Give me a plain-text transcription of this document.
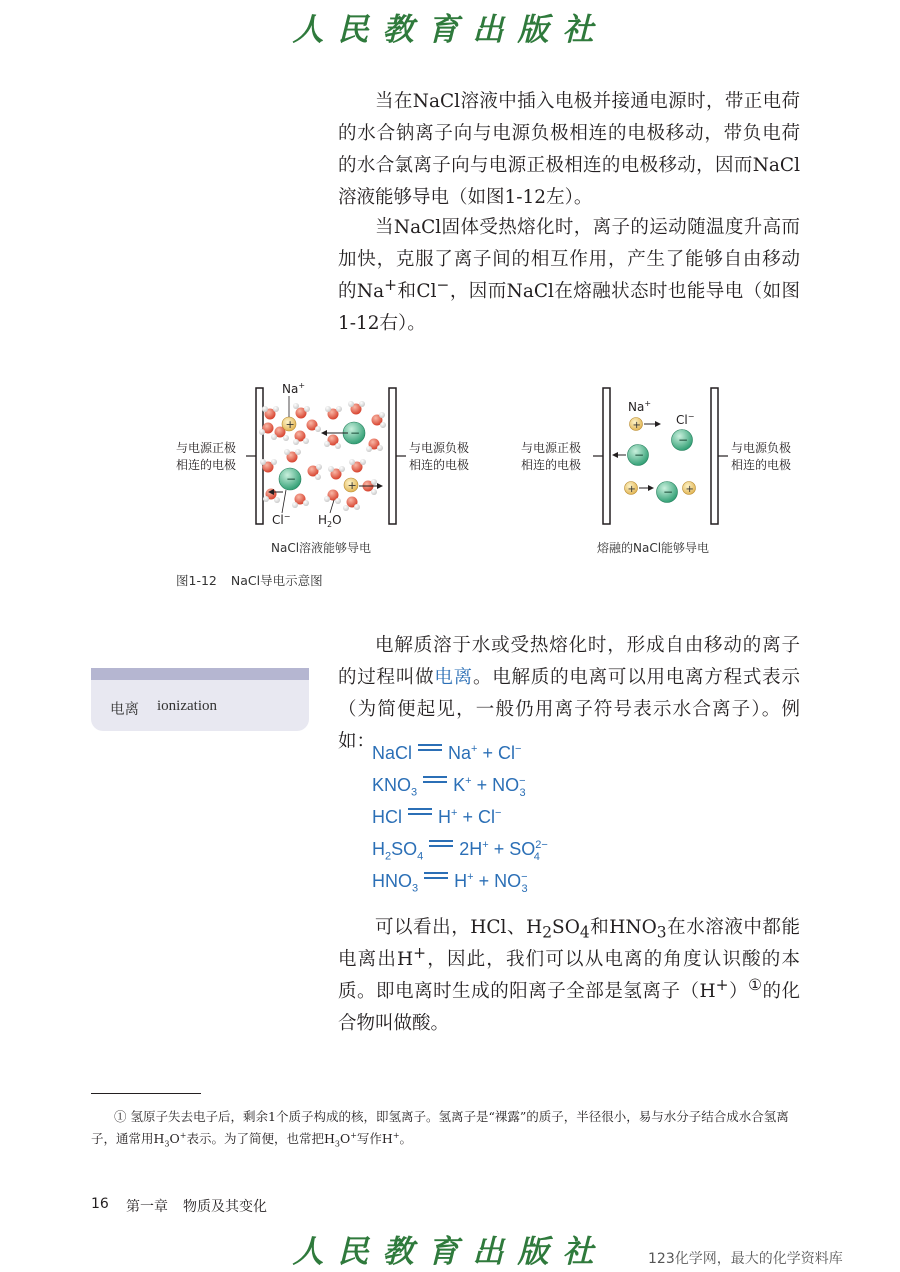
人民教育出版社

当在NaCl溶液中插入电极并接通电源时，带正电荷的水合钠离子向与电源负极相连的电极移动，带负电荷的水合氯离子向与电源正极相连的电极移动，因而NaCl溶液能够导电（如图1-12左）。

当NaCl固体受热熔化时，离子的运动随温度升高而加快，克服了离子间的相互作用，产生了能够自由移动的Na+和Cl−，因而NaCl在熔融状态时也能导电（如图1-12右）。

与电源正极
相连的电极
与电源负极
相连的电极
+
Na+
−
−
Cl−
+
$H_2O$
NaCl溶液能够导电
与电源正极
相连的电极
与电源负极
相连的电极
Na+
Cl−
+
−
−
+ − +
熔融的NaCl能够导电
图1-12 NaCl导电示意图

电解质溶于水或受热熔化时，形成自由移动的离子的过程叫做电离。电解质的电离可以用电离方程式表示（为简便起见，一般仍用离子符号表示水合离子）。例如：

电离 ionization
NaCl Na+ + Cl−
$KNO_3$ $K^+ + NO^-_3$
HCl H+ + Cl−
$H_2SO_4$ $2H^+ + SO^{2-}_4$
$HNO_3$ $H^+ + NO^-_3$

可以看出，HCl、$H_2SO_4$和$HNO_3$在水溶液中都能电离出H+，因此，我们可以从电离的角度认识酸的本质。即电离时生成的阳离子全部是氢离子（H+）①的化合物叫做酸。

① 氢原子失去电子后，剩余1个质子构成的核，即氢离子。氢离子是“裸露”的质子，半径很小，易与水分子结合成水合氢离子，通常用$H_3O^+$表示。为了简便，也常把$H_3O^+$写作H+。

16 第一章 物质及其变化
人民教育出版社	123化学网，最大的化学资料库
